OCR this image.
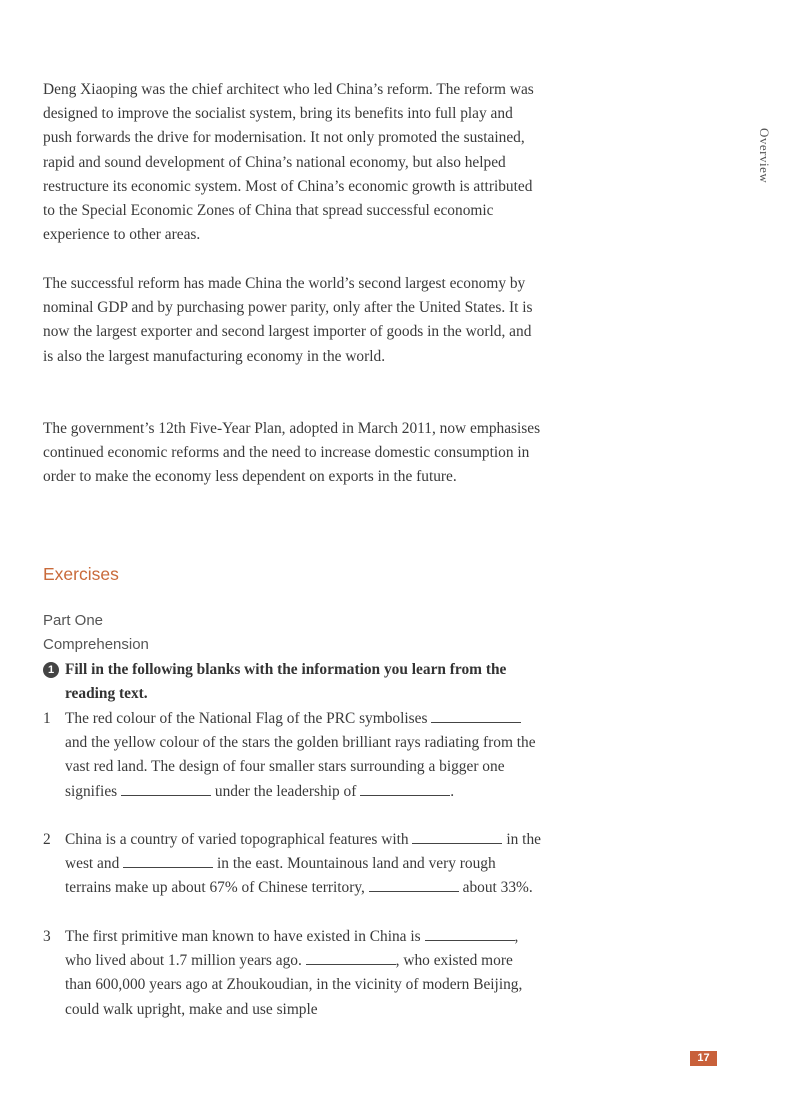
Overview

Deng Xiaoping was the chief architect who led China’s reform. The reform was designed to improve the socialist system, bring its benefits into full play and push forwards the drive for modernisation. It not only promoted the sustained, rapid and sound development of China’s national economy, but also helped restructure its economic system. Most of China’s economic growth is attributed to the Special Economic Zones of China that spread successful economic experience to other areas.

The successful reform has made China the world’s second largest economy by nominal GDP and by purchasing power parity, only after the United States. It is now the largest exporter and second largest importer of goods in the world, and is also the largest manufacturing economy in the world.

The government’s 12th Five-Year Plan, adopted in March 2011, now emphasises continued economic reforms and the need to increase domestic consumption in order to make the economy less dependent on exports in the future.

Exercises
Part One
Comprehension
1 Fill in the following blanks with the information you learn from the reading text.
1 The red colour of the National Flag of the PRC symbolises  and the yellow colour of the stars the golden brilliant rays radiating from the vast red land. The design of four smaller stars surrounding a bigger one signifies	under the leadership of	.
2 China is a country of varied topographical features with	in the west and	in the east. Mountainous land and very rough terrains make up about 67% of Chinese territory,	about 33%.
3 The first primitive man known to have existed in China is	, who lived about 1.7 million years ago.	, who existed more than 600,000 years ago at Zhoukoudian, in the vicinity of modern Beijing, could walk upright, make and use simple
17
